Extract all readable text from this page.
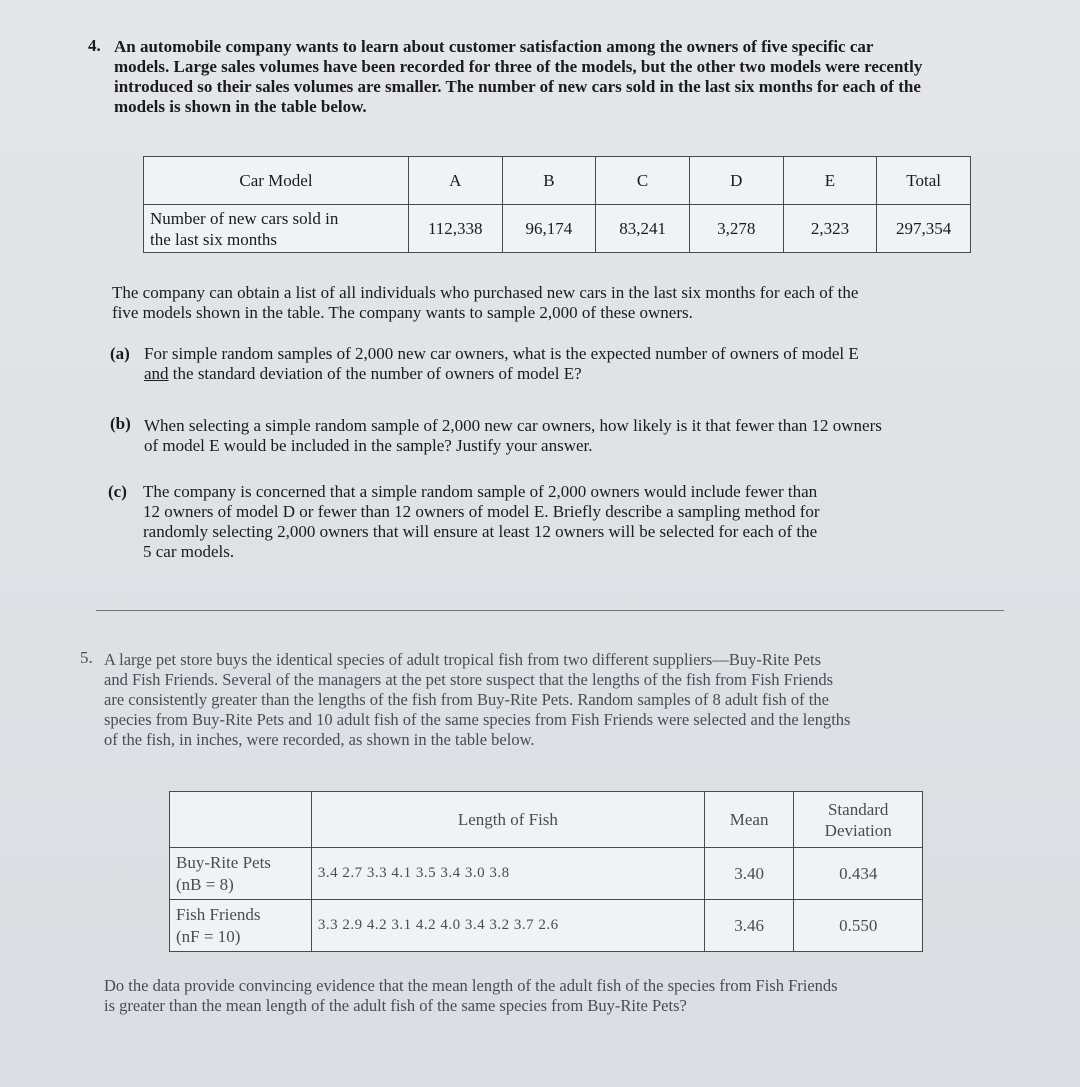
4. An automobile company wants to learn about customer satisfaction among the owners of five specific car
models. Large sales volumes have been recorded for three of the models, but the other two models were recently
introduced so their sales volumes are smaller. The number of new cars sold in the last six months for each of the
models is shown in the table below.
Car Model	A	B	C	D	E	Total

Number of new cars sold in
the last six months	112,338	96,174	83,241	3,278	2,323	297,354
The company can obtain a list of all individuals who purchased new cars in the last six months for each of the
five models shown in the table. The company wants to sample 2,000 of these owners.
(a) For simple random samples of 2,000 new car owners, what is the expected number of owners of model E
and the standard deviation of the number of owners of model E?
(b) When selecting a simple random sample of 2,000 new car owners, how likely is it that fewer than 12 owners
of model E would be included in the sample? Justify your answer.
(c) The company is concerned that a simple random sample of 2,000 owners would include fewer than
12 owners of model D or fewer than 12 owners of model E. Briefly describe a sampling method for
randomly selecting 2,000 owners that will ensure at least 12 owners will be selected for each of the
5 car models.
5. A large pet store buys the identical species of adult tropical fish from two different suppliers—Buy-Rite Pets
and Fish Friends. Several of the managers at the pet store suspect that the lengths of the fish from Fish Friends
are consistently greater than the lengths of the fish from Buy-Rite Pets. Random samples of 8 adult fish of the
species from Buy-Rite Pets and 10 adult fish of the same species from Fish Friends were selected and the lengths
of the fish, in inches, were recorded, as shown in the table below.
	Length of Fish	Mean	Standard
Deviation

Buy-Rite Pets
(nB = 8)	3.4 2.7 3.3 4.1 3.5 3.4 3.0 3.8	3.40	0.434

Fish Friends
(nF = 10)	3.3 2.9 4.2 3.1 4.2 4.0 3.4 3.2 3.7 2.6	3.46	0.550
Do the data provide convincing evidence that the mean length of the adult fish of the species from Fish Friends
is greater than the mean length of the adult fish of the same species from Buy-Rite Pets?
